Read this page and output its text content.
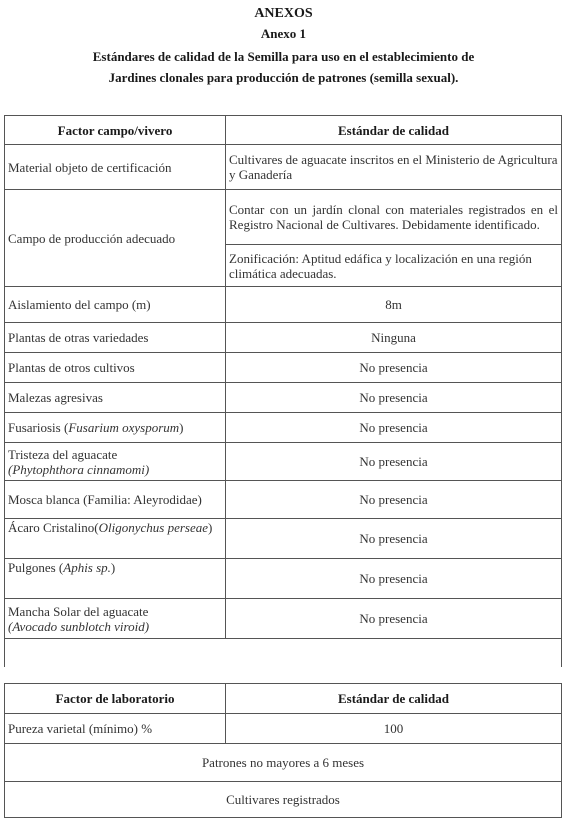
ANEXOS
Anexo 1
Estándares de calidad de la Semilla para uso en el establecimiento de
Jardines clonales para producción de patrones (semilla sexual).
Factor campo/vivero	Estándar de calidad
Material objeto de certificación	Cultivares de aguacate inscritos en el Ministerio de Agricultura y Ganadería
Campo de producción adecuado	Contar con un jardín clonal con materiales registrados en el Registro Nacional de Cultivares. Debidamente identificado.
	Zonificación: Aptitud edáfica y localización en una región climática adecuadas.
Aislamiento del campo (m)	8m
Plantas de otras variedades	Ninguna
Plantas de otros cultivos	No presencia
Malezas agresivas	No presencia
Fusariosis (Fusarium oxysporum)	No presencia

Tristeza del aguacate
(Phytophthora cinnamomi)	No presencia
Mosca blanca (Familia: Aleyrodidae)	No presencia
Ácaro Cristalino(Oligonychus perseae)	No presencia
Pulgones (Aphis sp.)	No presencia

Mancha Solar del aguacate
(Avocado sunblotch viroid)	No presencia

Factor de laboratorio	Estándar de calidad
Pureza varietal (mínimo) %	100
Patrones no mayores a 6 meses	
Cultivares registrados	
